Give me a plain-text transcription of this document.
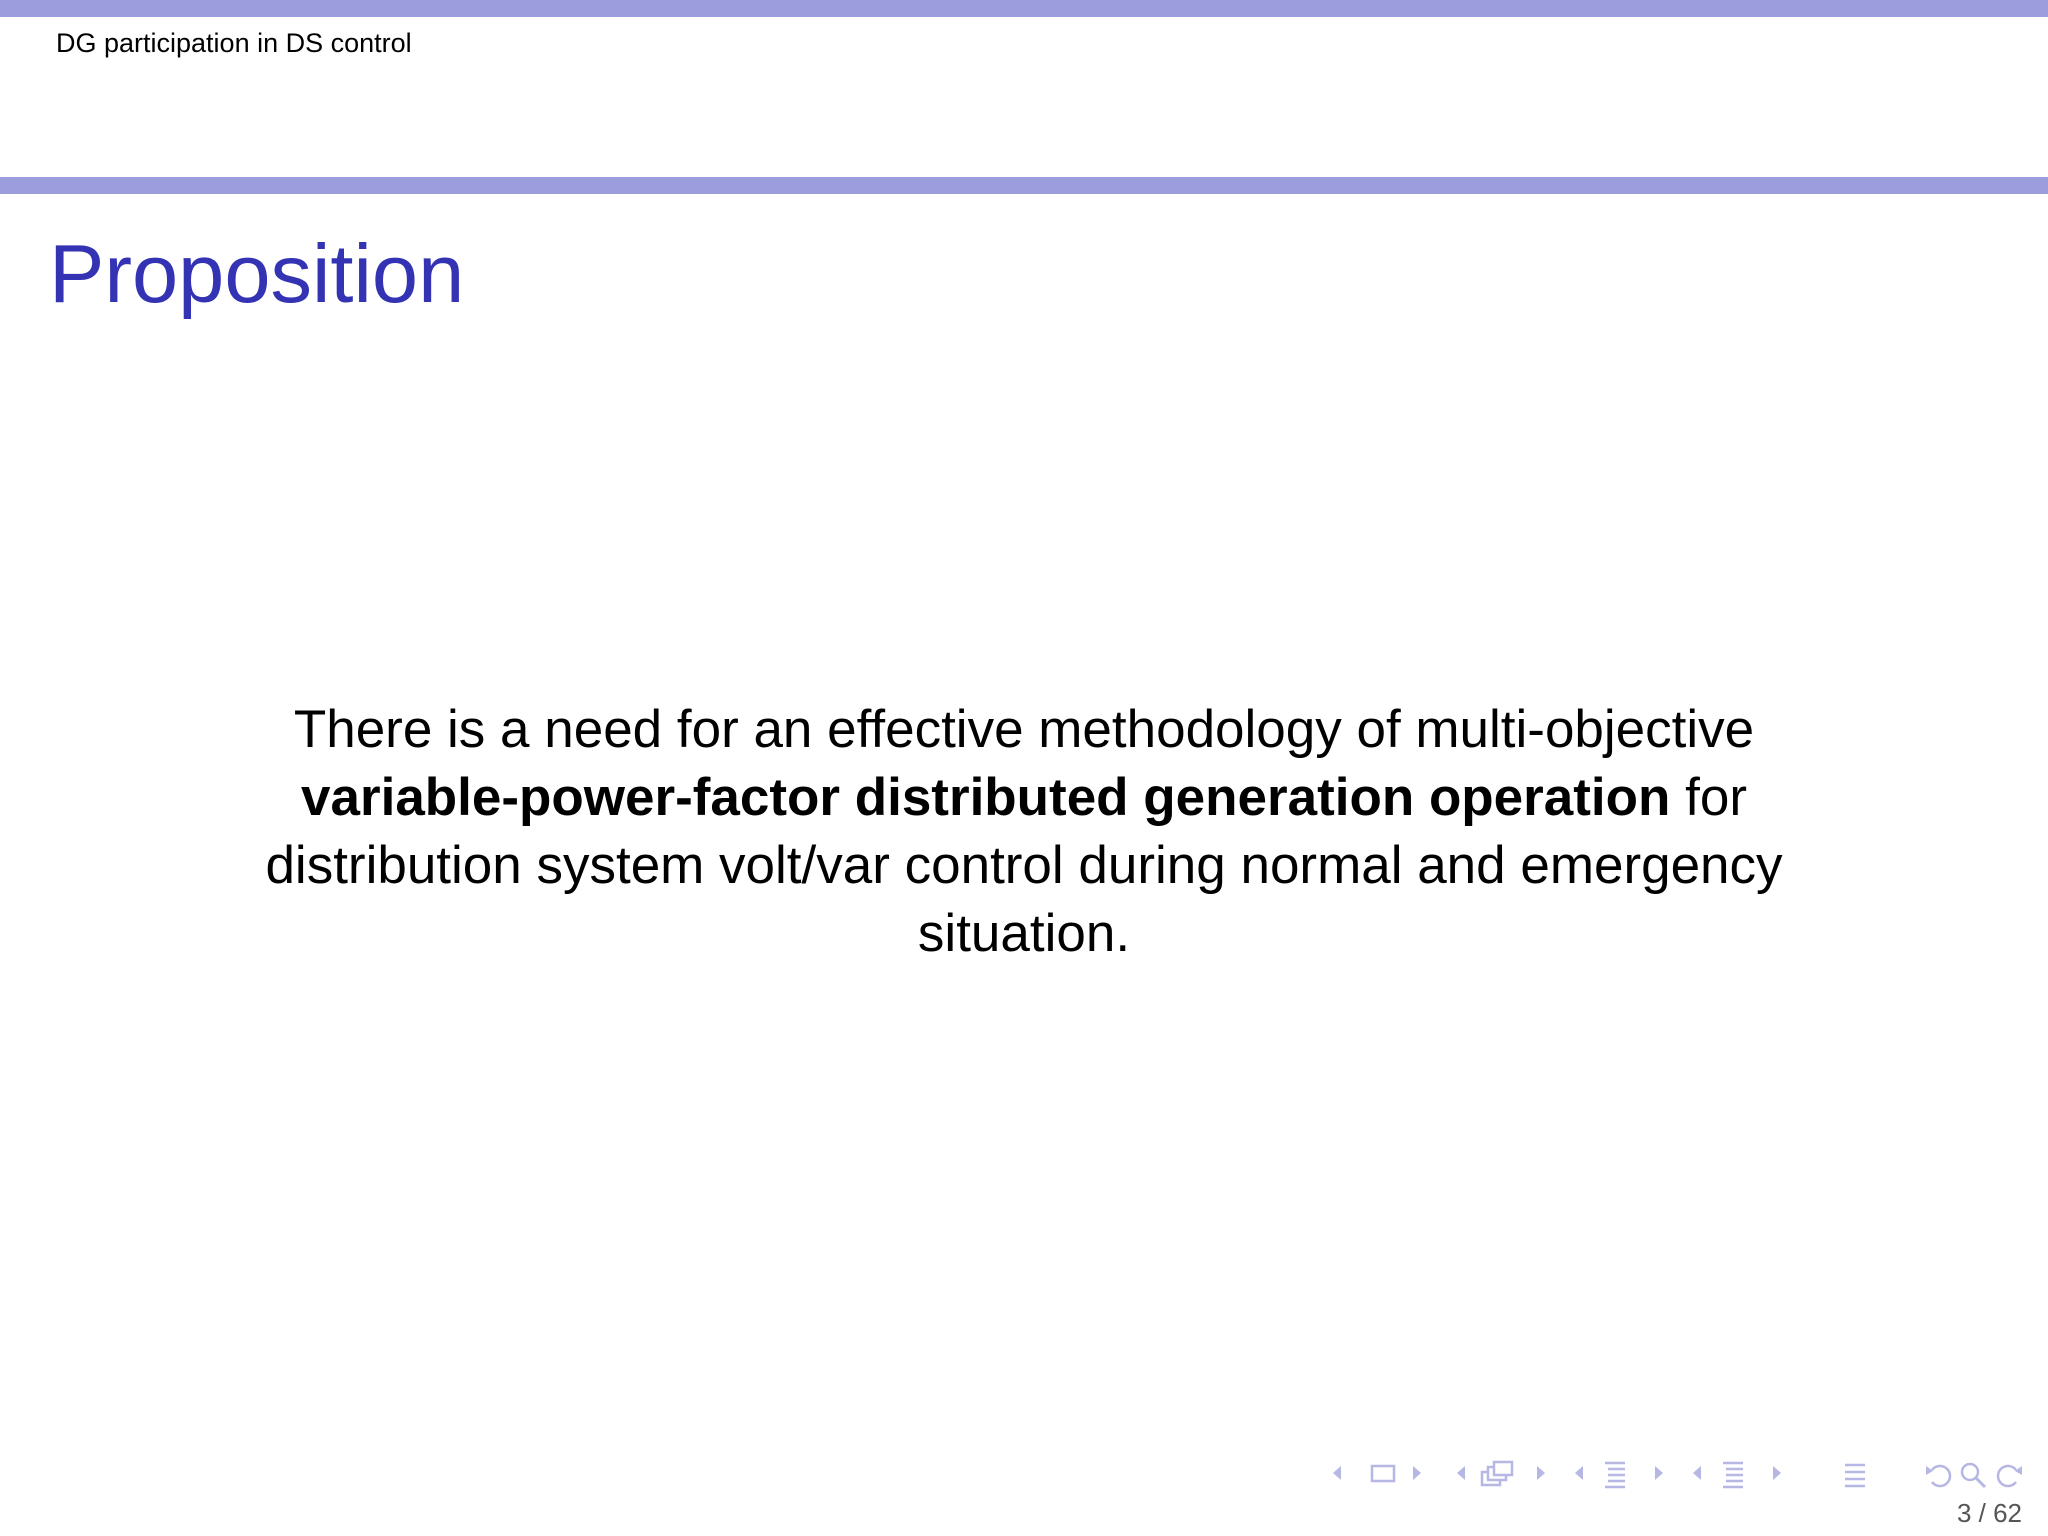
DG participation in DS control
Proposition
There is a need for an effective methodology of multi-objective
variable-power-factor distributed generation operation for
distribution system volt/var control during normal and emergency
situation.
3 / 62
